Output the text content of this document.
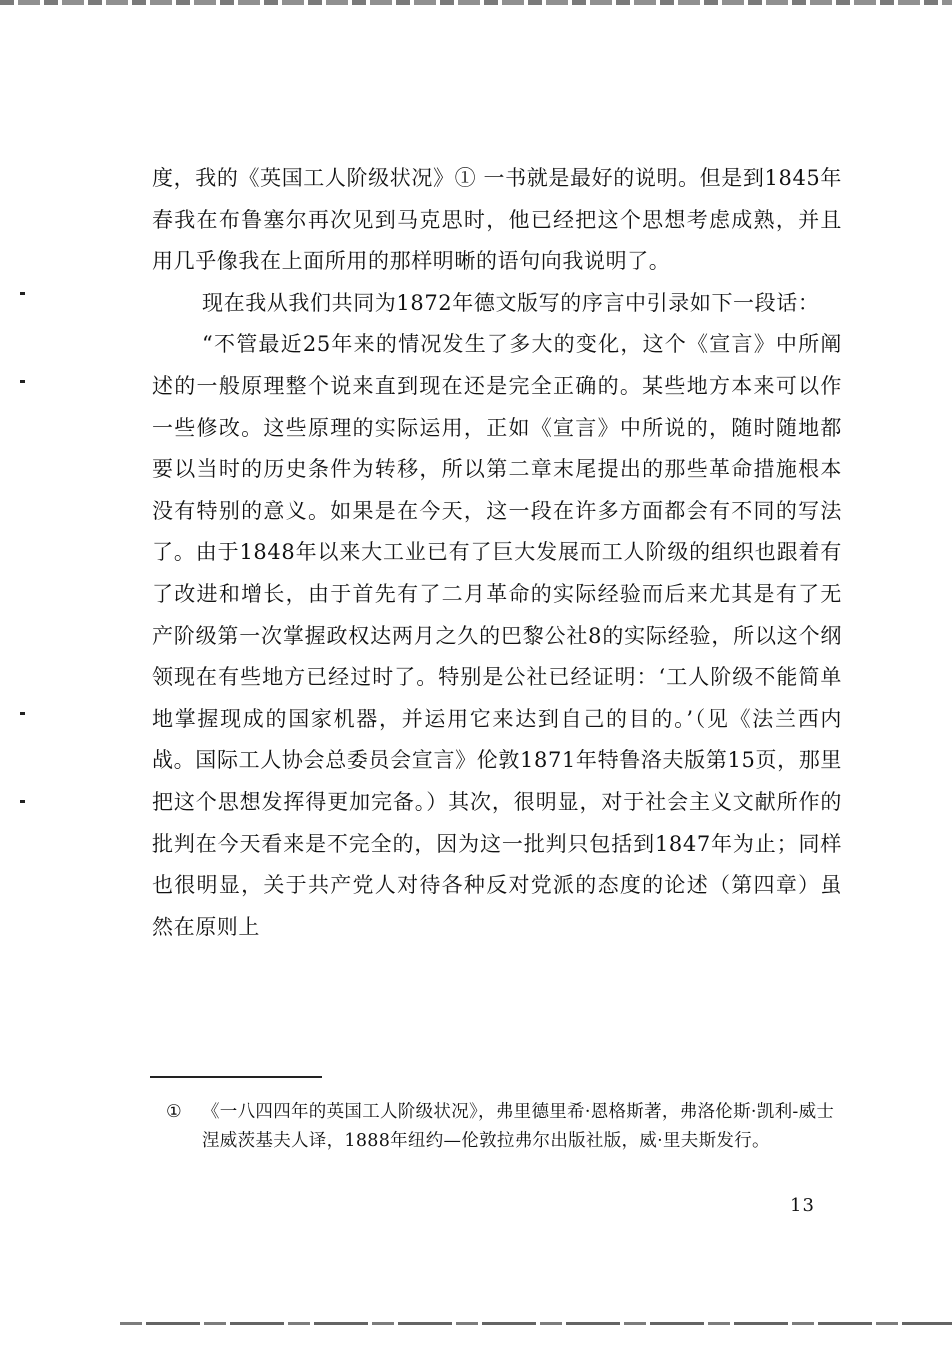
度，我的《英国工人阶级状况》① 一书就是最好的说明。但是到1845年春我在布鲁塞尔再次见到马克思时，他已经把这个思想考虑成熟，并且用几乎像我在上面所用的那样明晰的语句向我说明了。

现在我从我们共同为1872年德文版写的序言中引录如下一段话：

“不管最近25年来的情况发生了多大的变化，这个《宣言》中所阐述的一般原理整个说来直到现在还是完全正确的。某些地方本来可以作一些修改。这些原理的实际运用，正如《宣言》中所说的，随时随地都要以当时的历史条件为转移，所以第二章末尾提出的那些革命措施根本没有特别的意义。如果是在今天，这一段在许多方面都会有不同的写法了。由于1848年以来大工业已有了巨大发展而工人阶级的组织也跟着有了改进和增长，由于首先有了二月革命的实际经验而后来尤其是有了无产阶级第一次掌握政权达两月之久的巴黎公社8的实际经验，所以这个纲领现在有些地方已经过时了。特别是公社已经证明：‘工人阶级不能简单地掌握现成的国家机器，并运用它来达到自己的目的。’（见《法兰西内战。国际工人协会总委员会宣言》伦敦1871年特鲁洛夫版第15页，那里把这个思想发挥得更加完备。）其次，很明显，对于社会主义文献所作的批判在今天看来是不完全的，因为这一批判只包括到1847年为止；同样也很明显，关于共产党人对待各种反对党派的态度的论述（第四章）虽然在原则上

① 《一八四四年的英国工人阶级状况》，弗里德里希·恩格斯著，弗洛伦斯·凯利-威士涅威茨基夫人译，1888年纽约—伦敦拉弗尔出版社版，威·里夫斯发行。
13
